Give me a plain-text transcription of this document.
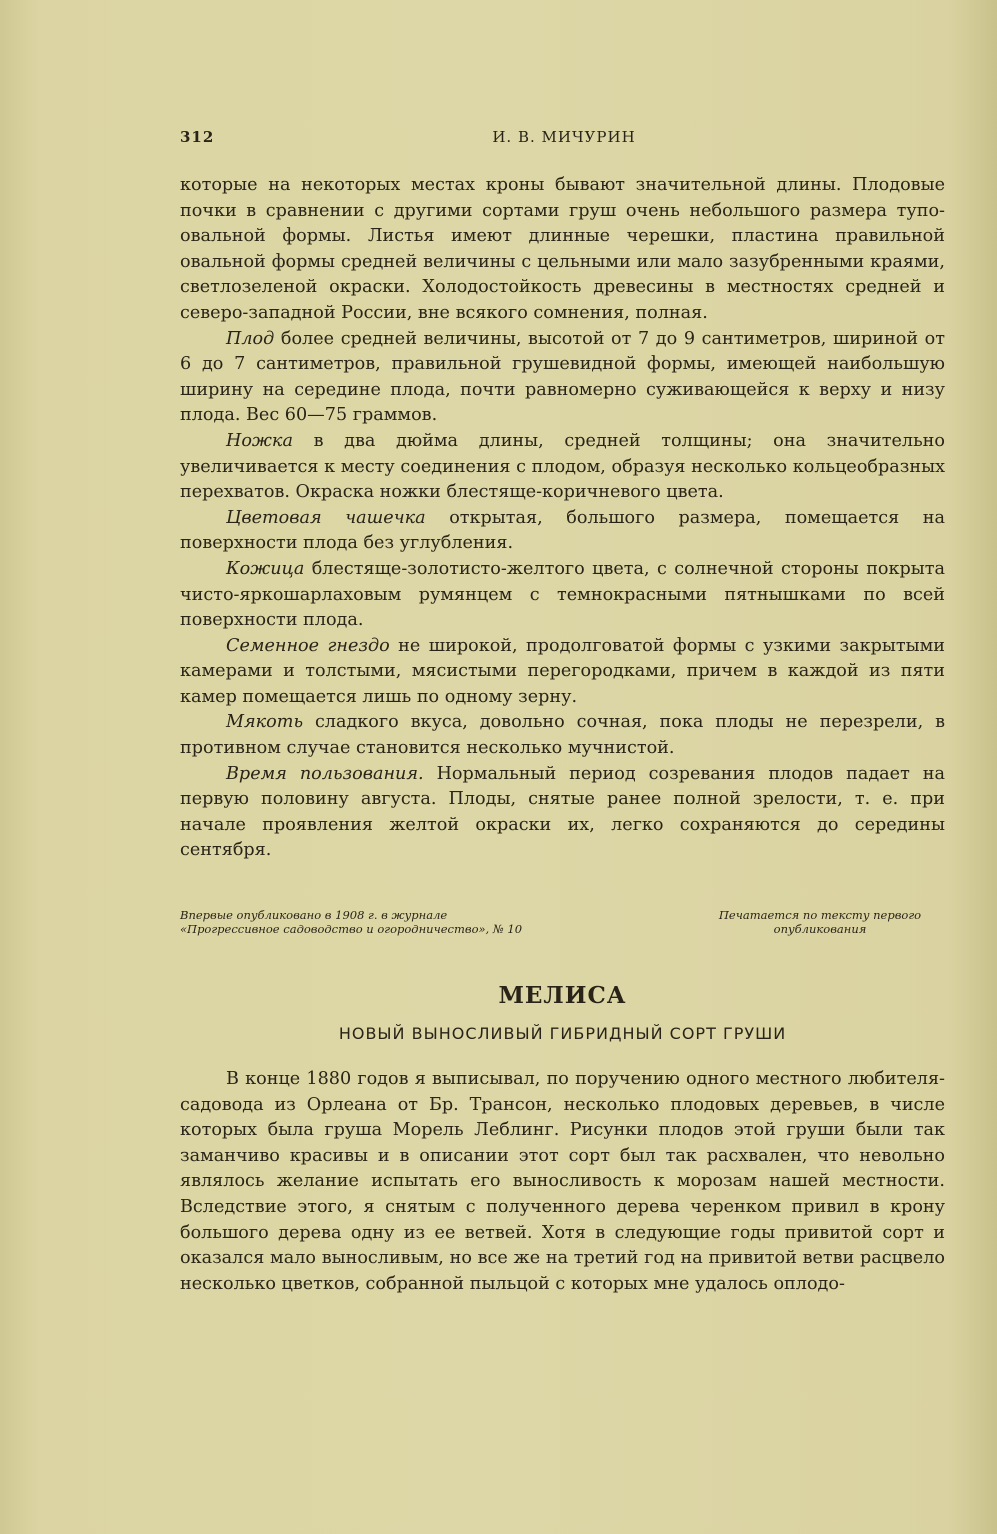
312	И. В. МИЧУРИН

которые на некоторых местах кроны бывают значительной длины. Плодовые почки в сравнении с другими сортами груш очень небольшого размера тупо-овальной формы. Листья имеют длинные черешки, пластина правильной овальной формы средней величины с цельными или мало зазубренными краями, светлозеленой окраски. Холодостойкость древесины в местностях средней и северо-западной России, вне всякого сомнения, полная.

Плод более средней величины, высотой от 7 до 9 сантиметров, шириной от 6 до 7 сантиметров, правильной грушевидной формы, имеющей наибольшую ширину на середине плода, почти равномерно суживающейся к верху и низу плода. Вес 60—75 граммов.

Ножка в два дюйма длины, средней толщины; она значительно увеличивается к месту соединения с плодом, образуя несколько кольцеобразных перехватов. Окраска ножки блестяще-коричневого цвета.

Цветовая чашечка открытая, большого размера, помещается на поверхности плода без углубления.

Кожица блестяще-золотисто-желтого цвета, с солнечной стороны покрыта чисто-яркошарлаховым румянцем с темнокрасными пятнышками по всей поверхности плода.

Семенное гнездо не широкой, продолговатой формы с узкими закрытыми камерами и толстыми, мясистыми перегородками, причем в каждой из пяти камер помещается лишь по одному зерну.

Мякоть сладкого вкуса, довольно сочная, пока плоды не перезрели, в противном случае становится несколько мучнистой.

Время пользования. Нормальный период созревания плодов падает на первую половину августа. Плоды, снятые ранее полной зрелости, т. е. при начале проявления желтой окраски их, легко сохраняются до середины сентября.

Впервые опубликовано в 1908 г. в журнале «Прогрессивное садоводство и огородничество», № 10
Печатается по тексту первого опубликования
МЕЛИСА
НОВЫЙ ВЫНОСЛИВЫЙ ГИБРИДНЫЙ СОРТ ГРУШИ

В конце 1880 годов я выписывал, по поручению одного местного любителя-садовода из Орлеана от Бр. Трансон, несколько плодовых деревьев, в числе которых была груша Морель Леблинг. Рисунки плодов этой груши были так заманчиво красивы и в описании этот сорт был так расхвален, что невольно являлось желание испытать его выносливость к морозам нашей местности. Вследствие этого, я снятым с полученного дерева черенком привил в крону большого дерева одну из ее ветвей. Хотя в следующие годы привитой сорт и оказался мало выносливым, но все же на третий год на привитой ветви расцвело несколько цветков, собранной пыльцой с которых мне удалось оплодо-
